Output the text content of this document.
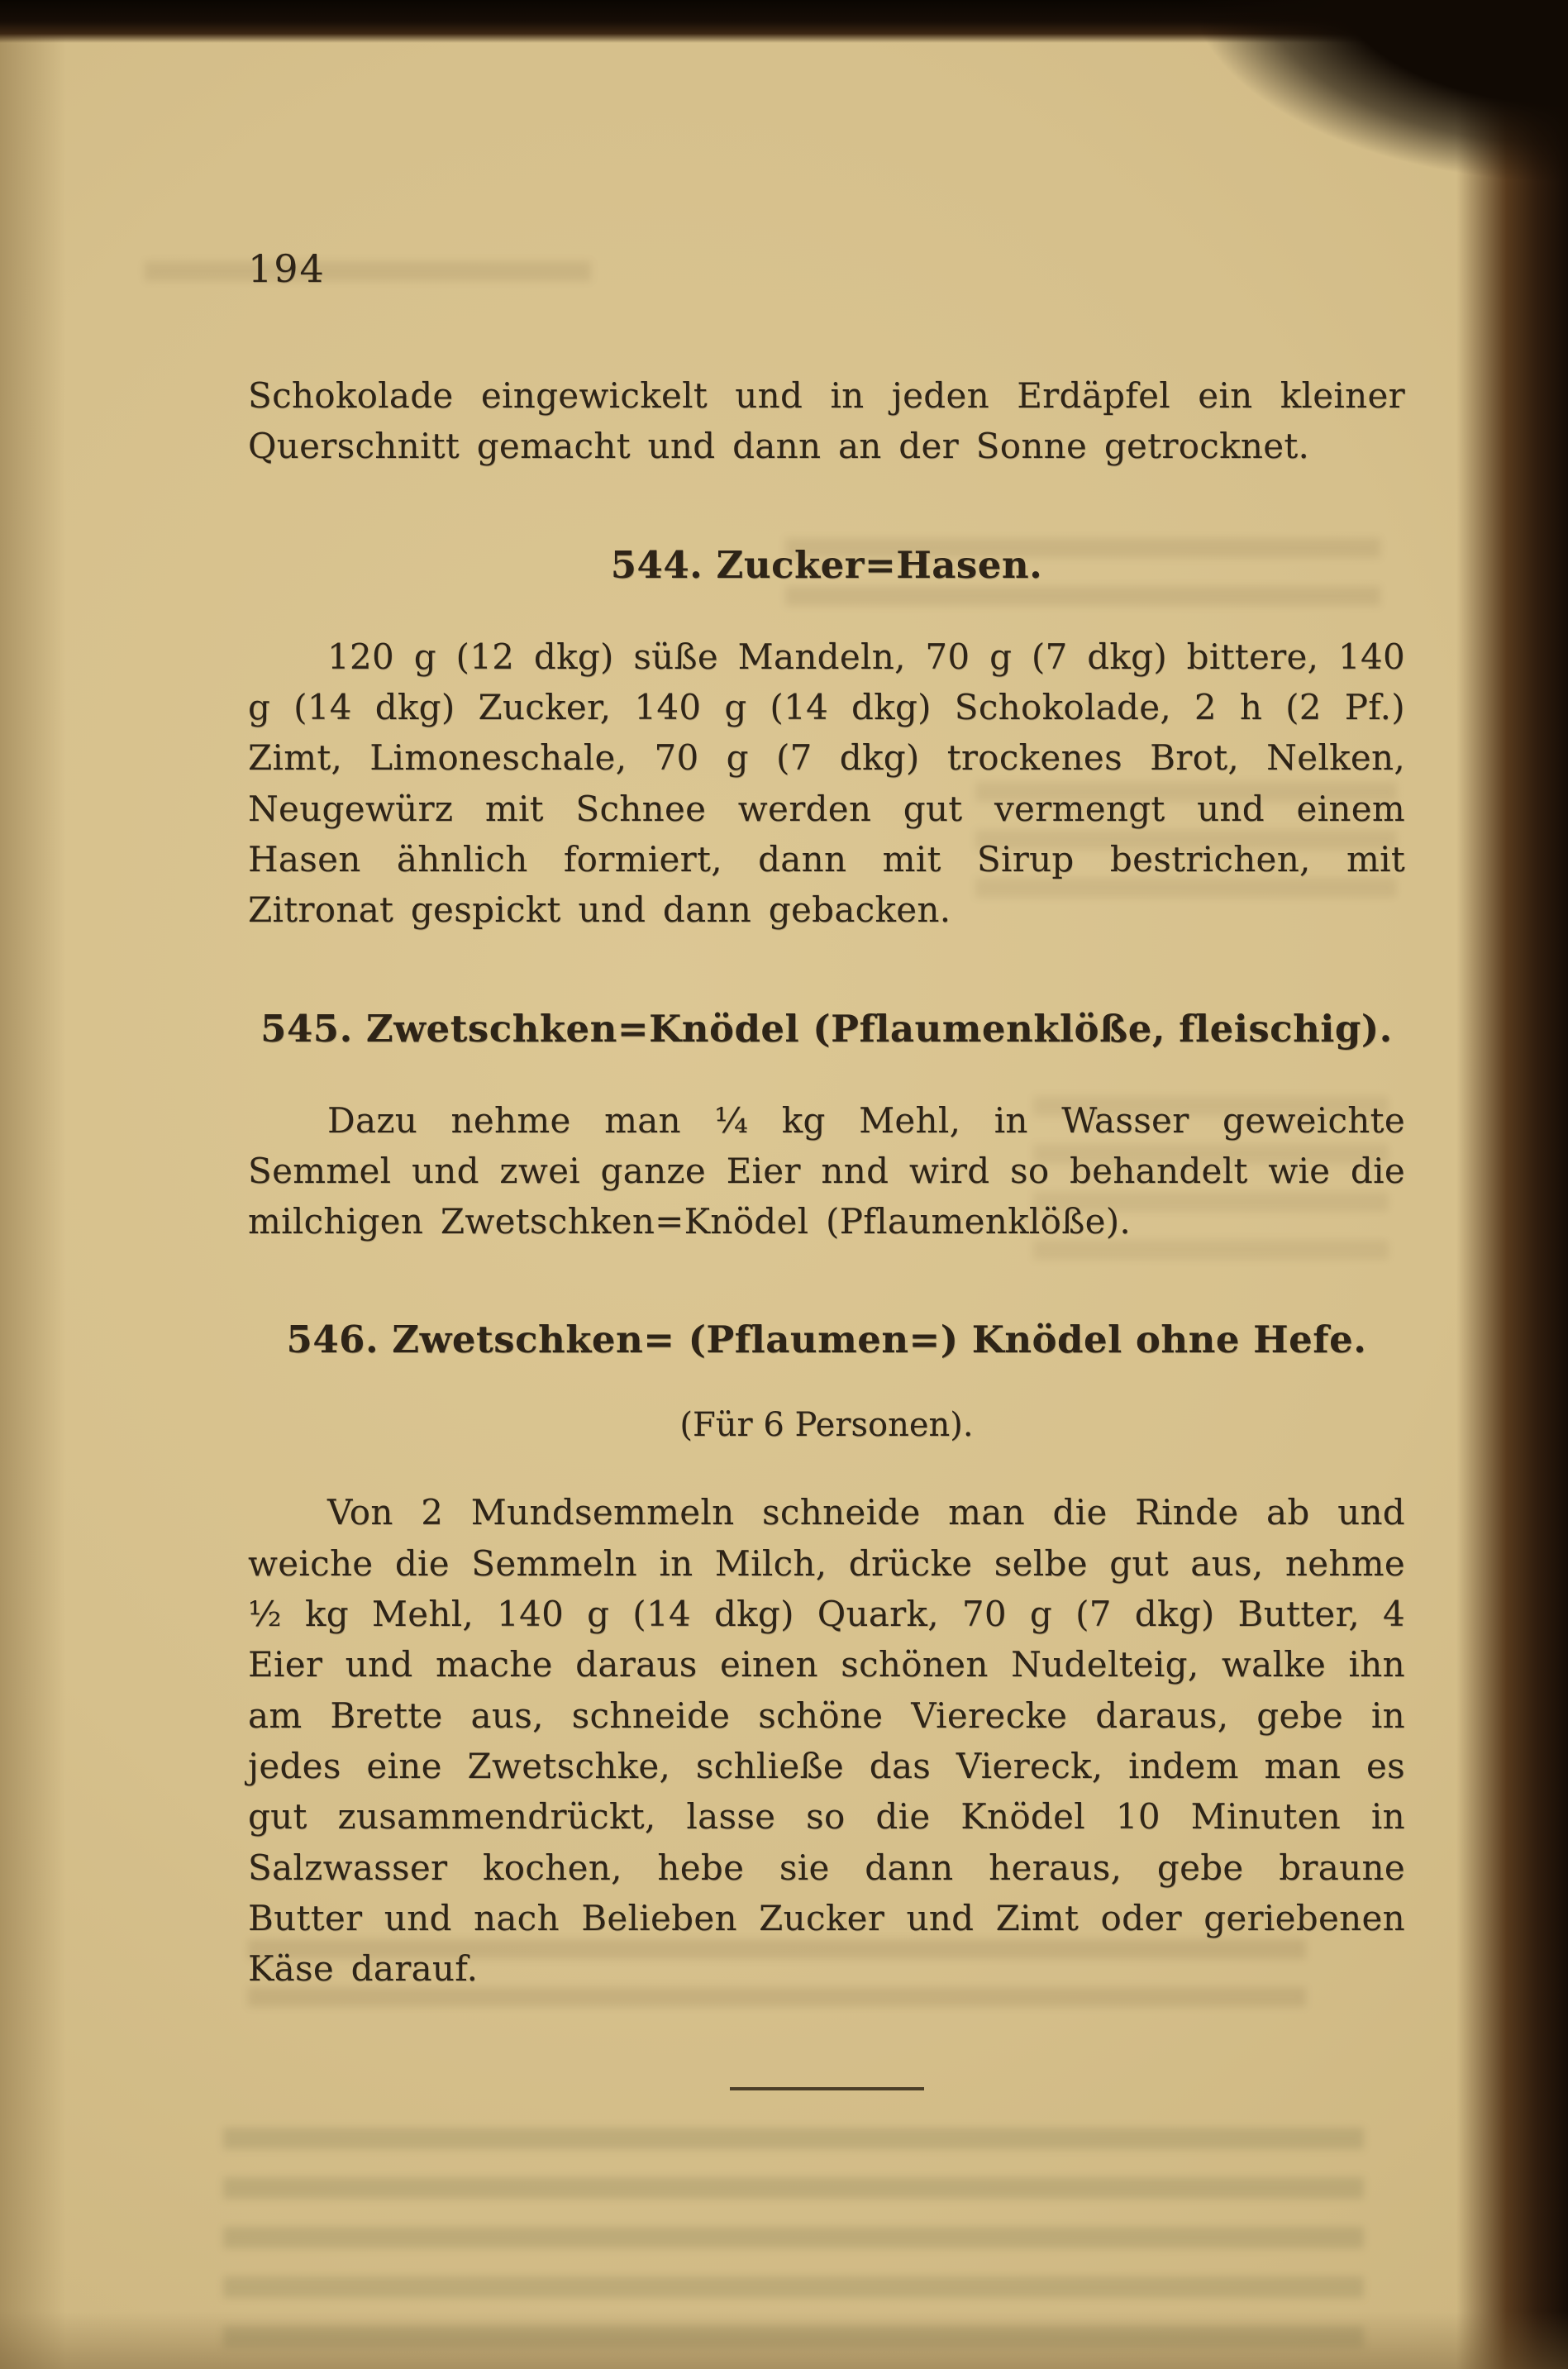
194

Schokolade eingewickelt und in jeden Erdäpfel ein kleiner Querschnitt gemacht und dann an der Sonne getrocknet.

544. Zucker=Hasen.

120 g (12 dkg) süße Mandeln, 70 g (7 dkg) bittere, 140 g (14 dkg) Zucker, 140 g (14 dkg) Schokolade, 2 h (2 Pf.) Zimt, Limoneschale, 70 g (7 dkg) trockenes Brot, Nelken, Neugewürz mit Schnee werden gut vermengt und einem Hasen ähnlich formiert, dann mit Sirup bestrichen, mit Zitronat gespickt und dann gebacken.

545. Zwetschken=Knödel (Pflaumenklöße, fleischig).

Dazu nehme man ¼ kg Mehl, in Wasser geweichte Semmel und zwei ganze Eier nnd wird so behandelt wie die milchigen Zwetschken=Knödel (Pflaumenklöße).

546. Zwetschken= (Pflaumen=) Knödel ohne Hefe.
(Für 6 Personen).

Von 2 Mundsemmeln schneide man die Rinde ab und weiche die Semmeln in Milch, drücke selbe gut aus, nehme ½ kg Mehl, 140 g (14 dkg) Quark, 70 g (7 dkg) Butter, 4 Eier und mache daraus einen schönen Nudelteig, walke ihn am Brette aus, schneide schöne Vierecke daraus, gebe in jedes eine Zwetschke, schließe das Viereck, indem man es gut zusammendrückt, lasse so die Knödel 10 Minuten in Salzwasser kochen, hebe sie dann heraus, gebe braune Butter und nach Belieben Zucker und Zimt oder geriebenen Käse darauf.
